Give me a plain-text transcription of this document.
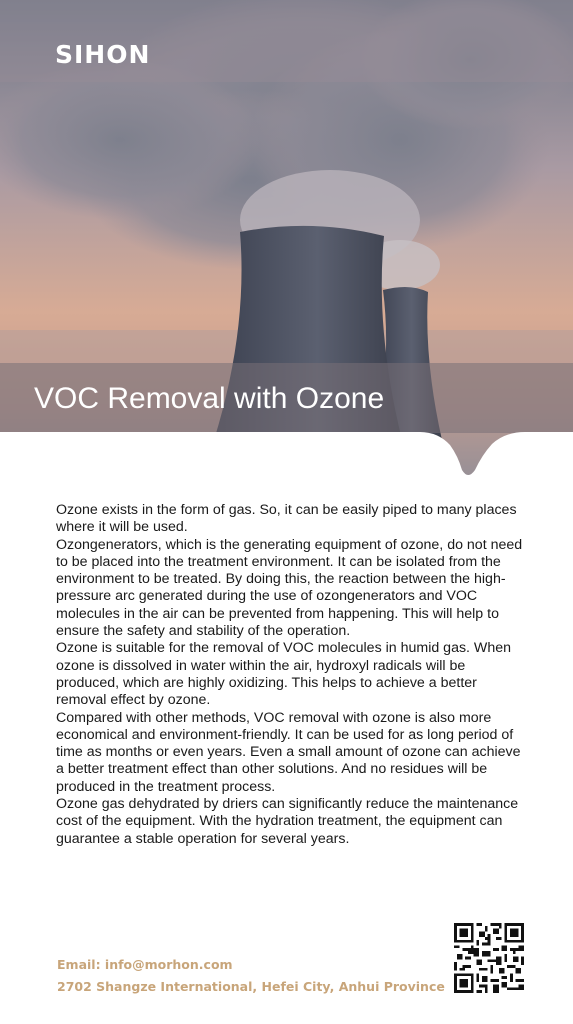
SIHON
VOC Removal with Ozone

Ozone exists in the form of gas. So, it can be easily piped to many places where it will be used.

Ozongenerators, which is the generating equipment of ozone, do not need to be placed into the treatment environment. It can be isolated from the environment to be treated. By doing this, the reaction between the high-pressure arc generated during the use of ozongenerators and VOC molecules in the air can be prevented from happening. This will help to ensure the safety and stability of the operation.

Ozone is suitable for the removal of VOC molecules in humid gas. When ozone is dissolved in water within the air, hydroxyl radicals will be produced, which are highly oxidizing. This helps to achieve a better removal effect by ozone.

Compared with other methods, VOC removal with ozone is also more economical and environment-friendly. It can be used for as long period of time as months or even years. Even a small amount of ozone can achieve a better treatment effect than other solutions. And no residues will be produced in the treatment process.

Ozone gas dehydrated by driers can significantly reduce the maintenance cost of the equipment. With the hydration treatment, the equipment can guarantee a stable operation for several years.

Email: info@morhon.com
2702 Shangze International, Hefei City, Anhui Province
